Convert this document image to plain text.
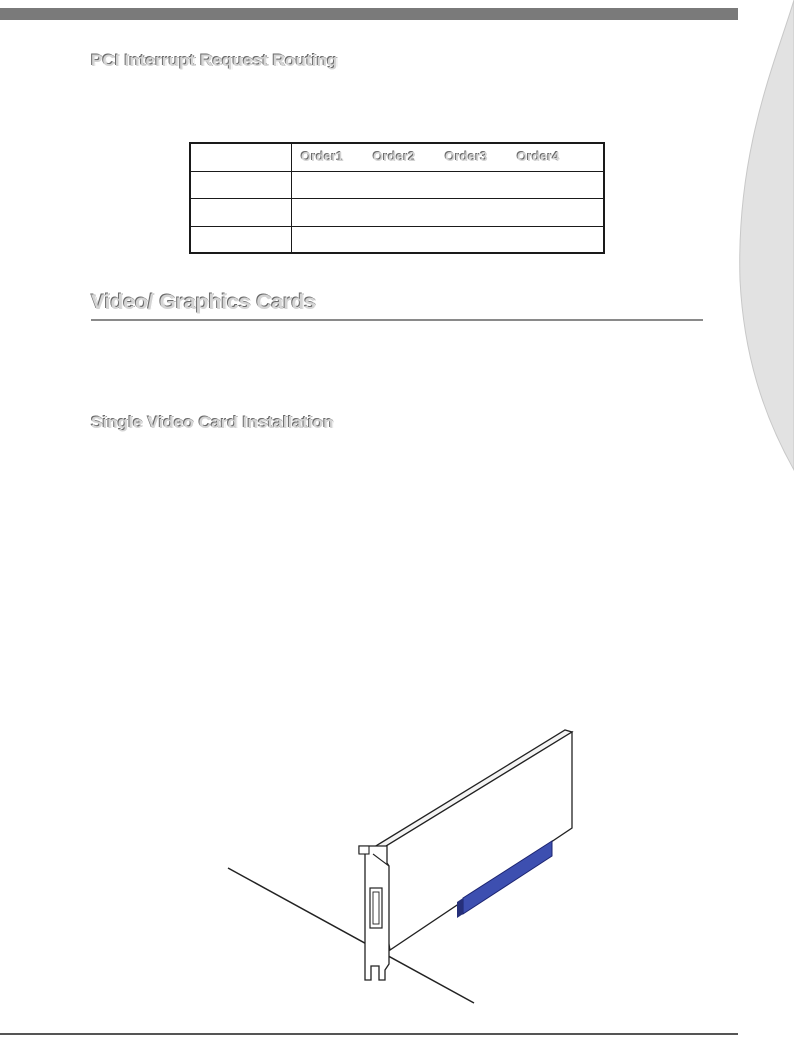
PCI Interrupt Request Routing
Order1 Order2 Order3 Order4
Video/ Graphics Cards
Single Video Card Installation
